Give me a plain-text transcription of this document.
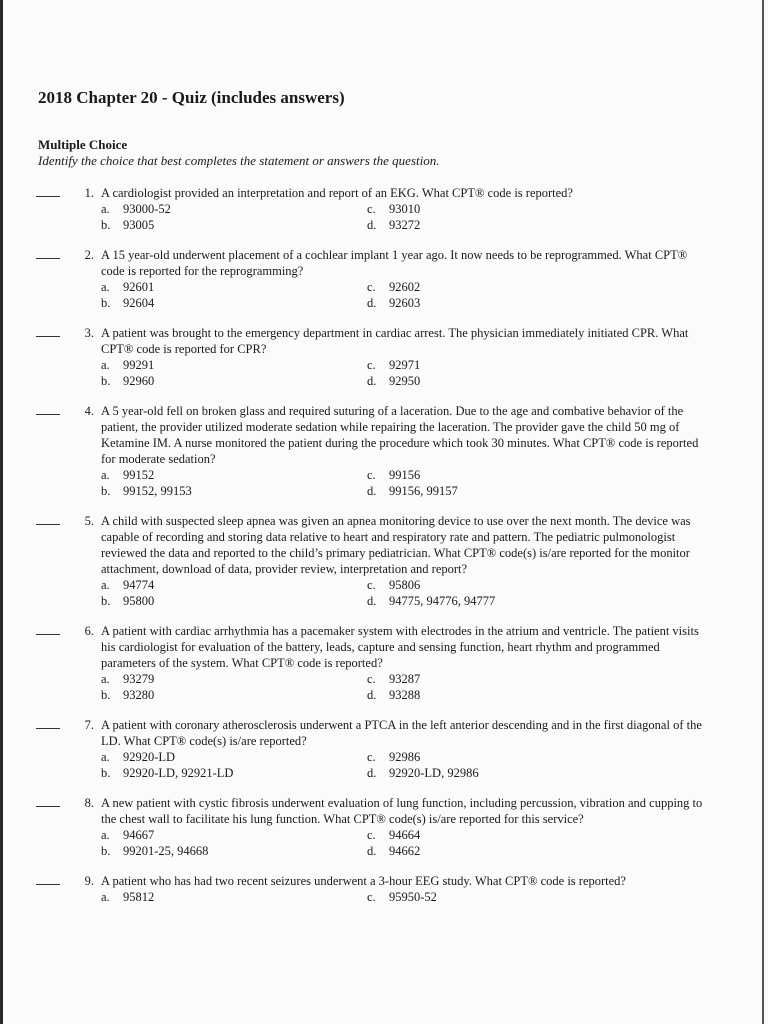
2018 Chapter 20 - Quiz (includes answers)
Multiple Choice
Identify the choice that best completes the statement or answers the question.
1. A cardiologist provided an interpretation and report of an EKG. What CPT® code is reported?
a.	93000-52	c.	93010
b.	93005	d.	93272
2. A 15 year-old underwent placement of a cochlear implant 1 year ago. It now needs to be reprogrammed. What CPT® code is reported for the reprogramming?
a.	92601	c.	92602
b.	92604	d.	92603
3. A patient was brought to the emergency department in cardiac arrest. The physician immediately initiated CPR. What CPT® code is reported for CPR?
a.	99291	c.	92971
b.	92960	d.	92950
4. A 5 year-old fell on broken glass and required suturing of a laceration. Due to the age and combative behavior of the patient, the provider utilized moderate sedation while repairing the laceration. The provider gave the child 50 mg of Ketamine IM. A nurse monitored the patient during the procedure which took 30 minutes. What CPT® code is reported for moderate sedation?
a.	99152	c.	99156
b.	99152, 99153	d.	99156, 99157
5. A child with suspected sleep apnea was given an apnea monitoring device to use over the next month. The device was capable of recording and storing data relative to heart and respiratory rate and pattern. The pediatric pulmonologist reviewed the data and reported to the child’s primary pediatrician. What CPT® code(s) is/are reported for the monitor attachment, download of data, provider review, interpretation and report?
a.	94774	c.	95806
b.	95800	d.	94775, 94776, 94777
6. A patient with cardiac arrhythmia has a pacemaker system with electrodes in the atrium and ventricle. The patient visits his cardiologist for evaluation of the battery, leads, capture and sensing function, heart rhythm and programmed parameters of the system. What CPT® code is reported?
a.	93279	c.	93287
b.	93280	d.	93288
7. A patient with coronary atherosclerosis underwent a PTCA in the left anterior descending and in the first diagonal of the LD. What CPT® code(s) is/are reported?
a.	92920-LD	c.	92986
b.	92920-LD, 92921-LD	d.	92920-LD, 92986
8. A new patient with cystic fibrosis underwent evaluation of lung function, including percussion, vibration and cupping to the chest wall to facilitate his lung function. What CPT® code(s) is/are reported for this service?
a.	94667	c.	94664
b.	99201-25, 94668	d.	94662
9. A patient who has had two recent seizures underwent a 3-hour EEG study. What CPT® code is reported?
a.	95812	c.	95950-52
